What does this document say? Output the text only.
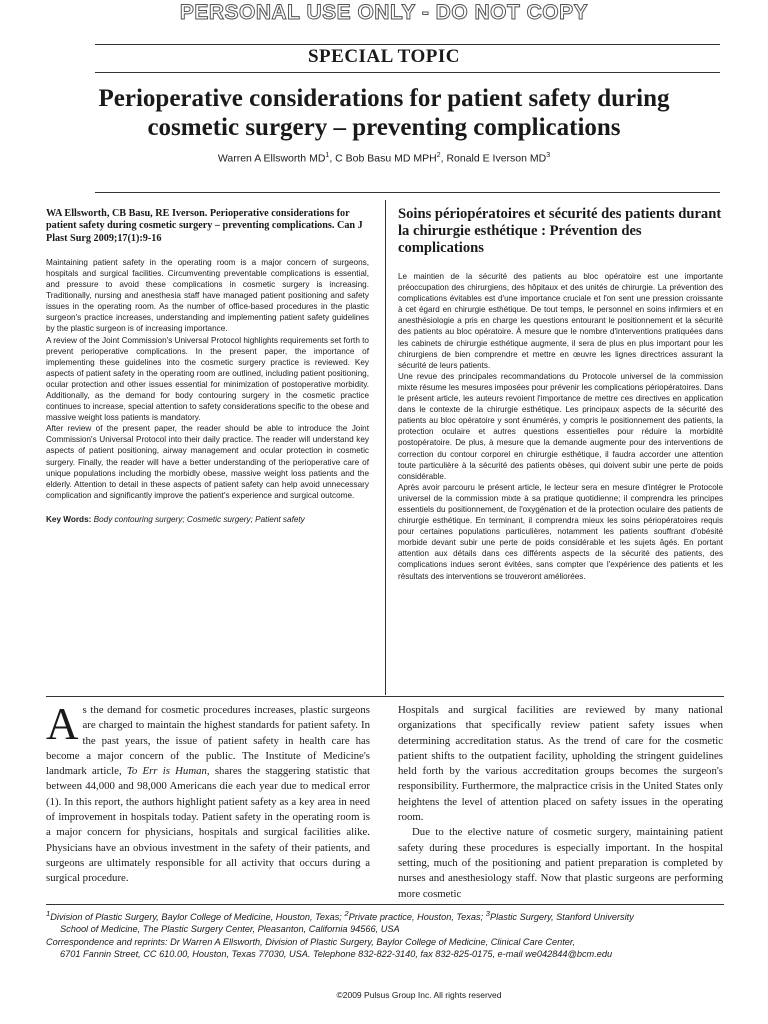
PERSONAL USE ONLY - DO NOT COPY
SPECIAL TOPIC
Perioperative considerations for patient safety during cosmetic surgery – preventing complications
Warren A Ellsworth $MD^1$, C Bob Basu MD MPH$^2$, Ronald E Iverson $MD^3$

WA Ellsworth, CB Basu, RE Iverson. Perioperative considerations for patient safety during cosmetic surgery – preventing complications. Can J Plast Surg 2009;17(1):9-16

Maintaining patient safety in the operating room is a major concern of surgeons, hospitals and surgical facilities. Circumventing preventable complications is essential, and pressure to avoid these complications in cosmetic surgery is increasing. Traditionally, nursing and anesthesia staff have managed patient positioning and safety issues in the operating room. As the number of office-based procedures in the plastic surgeon's practice increases, understanding and implementing patient safety guidelines by the plastic surgeon is of increasing importance.

A review of the Joint Commission's Universal Protocol highlights requirements set forth to prevent perioperative complications. In the present paper, the importance of implementing these guidelines into the cosmetic surgery practice is reviewed. Key aspects of patient safety in the operating room are outlined, including patient positioning, ocular protection and other issues essential for minimization of postoperative morbidity. Additionally, as the demand for body contouring surgery in the cosmetic practice continues to increase, special attention to safety considerations specific to the obese and massive weight loss patients is mandatory.

After review of the present paper, the reader should be able to introduce the Joint Commission's Universal Protocol into their daily practice. The reader will understand key aspects of patient positioning, airway management and ocular protection in cosmetic surgery. Finally, the reader will have a better understanding of the perioperative care of unique populations including the morbidly obese, massive weight loss patients and the elderly. Attention to detail in these aspects of patient safety can help avoid unnecessary complication and significantly improve the patient's experience and surgical outcome.

Key Words: Body contouring surgery; Cosmetic surgery; Patient safety
Soins périopératoires et sécurité des patients durant la chirurgie esthétique : Prévention des complications

Le maintien de la sécurité des patients au bloc opératoire est une importante préoccupation des chirurgiens, des hôpitaux et des unités de chirurgie. La prévention des complications évitables est d'une importance cruciale et l'on sent une pression croissante à cet égard en chirurgie esthétique. De tout temps, le personnel en soins infirmiers et en anesthésiologie a pris en charge les questions entourant le positionnement et la sécurité des patients au bloc opératoire. À mesure que le nombre d'interventions pratiquées dans les cabinets de chirurgie esthétique augmente, il sera de plus en plus important pour les chirurgiens de bien comprendre et mettre en œuvre les lignes directrices assurant la sécurité de leurs patients.

Une revue des principales recommandations du Protocole universel de la commission mixte résume les mesures imposées pour prévenir les complications périopératoires. Dans le présent article, les auteurs revoient l'importance de mettre ces directives en application dans le contexte de la chirurgie esthétique. Les principaux aspects de la sécurité des patients au bloc opératoire y sont énumérés, y compris le positionnement des patients, la protection oculaire et autres questions essentielles pour réduire la morbidité postopératoire. De plus, à mesure que la demande augmente pour des interventions de correction du contour corporel en chirurgie esthétique, il faudra accorder une attention toute particulière à la sécurité des patients obèses, qui doivent subir une perte de poids considérable.

Après avoir parcouru le présent article, le lecteur sera en mesure d'intégrer le Protocole universel de la commission mixte à sa pratique quotidienne; il comprendra les principes essentiels du positionnement, de l'oxygénation et de la protection oculaire des patients de chirurgie esthétique. En terminant, il comprendra mieux les soins périopératoires requis pour certaines populations particulières, notamment les patients souffrant d'obésité morbide devant subir une perte de poids considérable et les sujets âgés. En portant attention aux détails dans ces différents aspects de la sécurité des patients, des complications indues seront évitées, sans compter que l'expérience des patients et les résultats des interventions se trouveront améliorées.

As the demand for cosmetic procedures increases, plastic surgeons are charged to maintain the highest standards for patient safety. In the past years, the issue of patient safety in health care has become a major concern of the public. The Institute of Medicine's landmark article, To Err is Human, shares the staggering statistic that between 44,000 and 98,000 Americans die each year due to medical error (1). In this report, the authors highlight patient safety as a key area in need of improvement in hospitals today. Patient safety in the operating room is a major concern for physicians, hospitals and surgical facilities alike. Physicians have an obvious investment in the safety of their patients, and surgeons are ultimately responsible for all activity that occurs during a surgical procedure.

Hospitals and surgical facilities are reviewed by many national organizations that specifically review patient safety issues when determining accreditation status. As the trend of care for the cosmetic patient shifts to the outpatient facility, upholding the stringent guidelines held forth by the various accreditation groups becomes the surgeon's responsibility. Furthermore, the malpractice crisis in the United States only heightens the level of attention placed on safety issues in the operating room.

Due to the elective nature of cosmetic surgery, maintaining patient safety during these procedures is especially important. In the hospital setting, much of the positioning and patient preparation is completed by nurses and anesthesiology staff. Now that plastic surgeons are performing more cosmetic

$^1$Division of Plastic Surgery, Baylor College of Medicine, Houston, Texas; $^2$Private practice, Houston, Texas; $^3$Plastic Surgery, Stanford University
School of Medicine, The Plastic Surgery Center, Pleasanton, California 94566, USA
Correspondence and reprints: Dr Warren A Ellsworth, Division of Plastic Surgery, Baylor College of Medicine, Clinical Care Center,
6701 Fannin Street, CC 610.00, Houston, Texas 77030, USA. Telephone 832-822-3140, fax 832-825-0175, e-mail we042844@bcm.edu
©2009 Pulsus Group Inc. All rights reserved
